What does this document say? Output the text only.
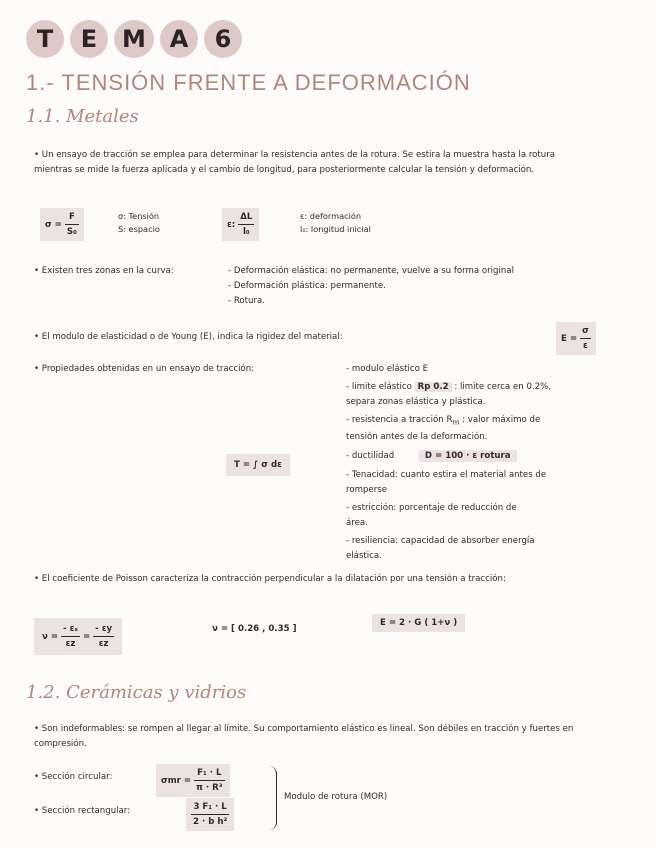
T	E	M A	6
1.- TENSIÓN FRENTE A DEFORMACIÓN
1.1. Metales
• Un ensayo de tracción se emplea para determinar la resistencia antes de la rotura. Se estira la muestra hasta la rotura mientras se mide la fuerza aplicada y el cambio de longitud, para posteriormente calcular la tensión y deformación.
$\sigma = \frac{F}{\text{S₀}}$	σ: Tensión
S: espacio	ε: $\frac{\Delta L}{\text{l₀}}$	ε: deformación
l₀: longitud inicial
• Existen tres zonas en la curva:	- Deformación elástica: no permanente, vuelve a su forma original
- Deformación plástica: permanente.
- Rotura.
• El modulo de elasticidad o de Young (E), indica la rigidez del material:	$E = \frac{\sigma}{\varepsilon}$
• Propiedades obtenidas en un ensayo de tracción:	- modulo elástico E
- limite elástico Rp 0.2 : limite cerca en 0.2%,
separa zonas elástica y plástica.
- resistencia a tracción $R_m$ : valor máximo de
tensión antes de la deformación.
- ductilidad	D = 100 · ε rotura
- Tenacidad: cuanto estira el material antes de
romperse
- estricción: porcentaje de reducción de
área.
- resiliencia: capacidad de absorber energía
elástica.
T = ∫ σ dε
• El coeficiente de Poisson caracteriza la contracción perpendicular a la dilatación por una tensión a tracción:
$\nu = \frac{\text{- εₓ}}{\varepsilon z} = \frac{- \varepsilon y}{\varepsilon z}$	ν = [ 0.26 , 0.35 ]
E = 2 · G ( 1+ν )
1.2. Cerámicas y vidrios
• Son indeformables: se rompen al llegar al límite. Su comportamiento elástico es lineal. Son débiles en tracción y fuertes en compresión.
• Sección circular:	$\sigma mr = \frac{\text{F₁ · L}}{\text{π · R³}}$
• Sección rectangular:	$\frac{\text{3 F₁ · L}}{\text{2 · b h²}}$
Modulo de rotura (MOR)
